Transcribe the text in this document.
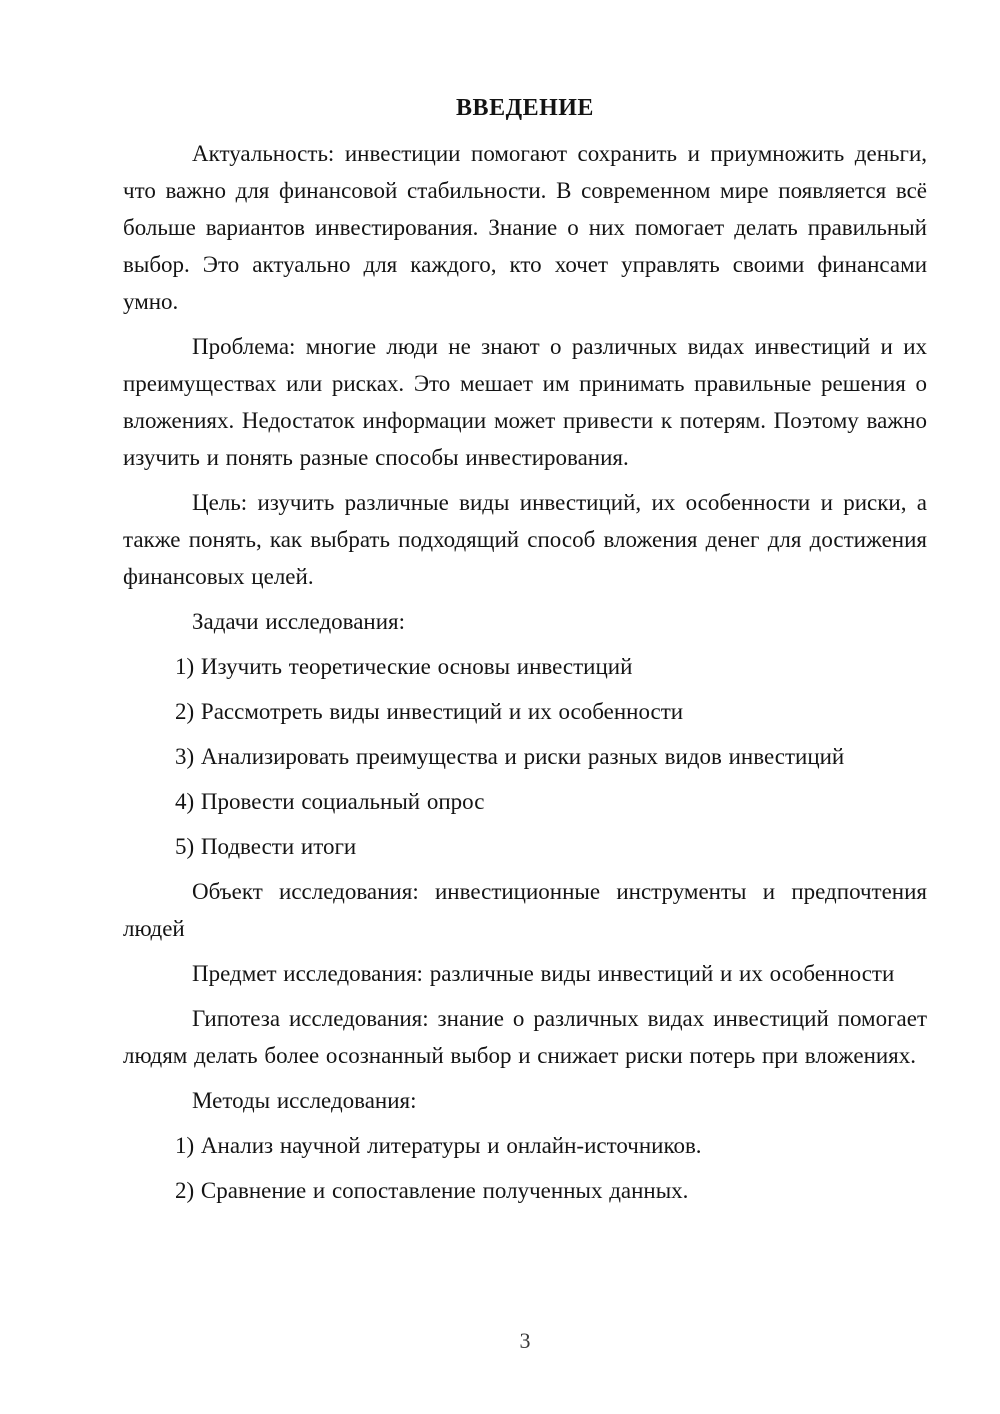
ВВЕДЕНИЕ

Актуальность: инвестиции помогают сохранить и приумножить деньги, что важно для финансовой стабильности. В современном мире появляется всё больше вариантов инвестирования. Знание о них помогает делать правильный выбор. Это актуально для каждого, кто хочет управлять своими финансами умно.

Проблема: многие люди не знают о различных видах инвестиций и их преимуществах или рисках. Это мешает им принимать правильные решения о вложениях. Недостаток информации может привести к потерям. Поэтому важно изучить и понять разные способы инвестирования.

Цель: изучить различные виды инвестиций, их особенности и риски, а также понять, как выбрать подходящий способ вложения денег для достижения финансовых целей.

Задачи исследования:

1) Изучить теоретические основы инвестиций

2) Рассмотреть виды инвестиций и их особенности

3) Анализировать преимущества и риски разных видов инвестиций

4) Провести социальный опрос

5) Подвести итоги

Объект исследования: инвестиционные инструменты и предпочтения людей

Предмет исследования: различные виды инвестиций и их особенности

Гипотеза исследования: знание о различных видах инвестиций помогает людям делать более осознанный выбор и снижает риски потерь при вложениях.

Методы исследования:

1) Анализ научной литературы и онлайн-источников.

2) Сравнение и сопоставление полученных данных.

3
